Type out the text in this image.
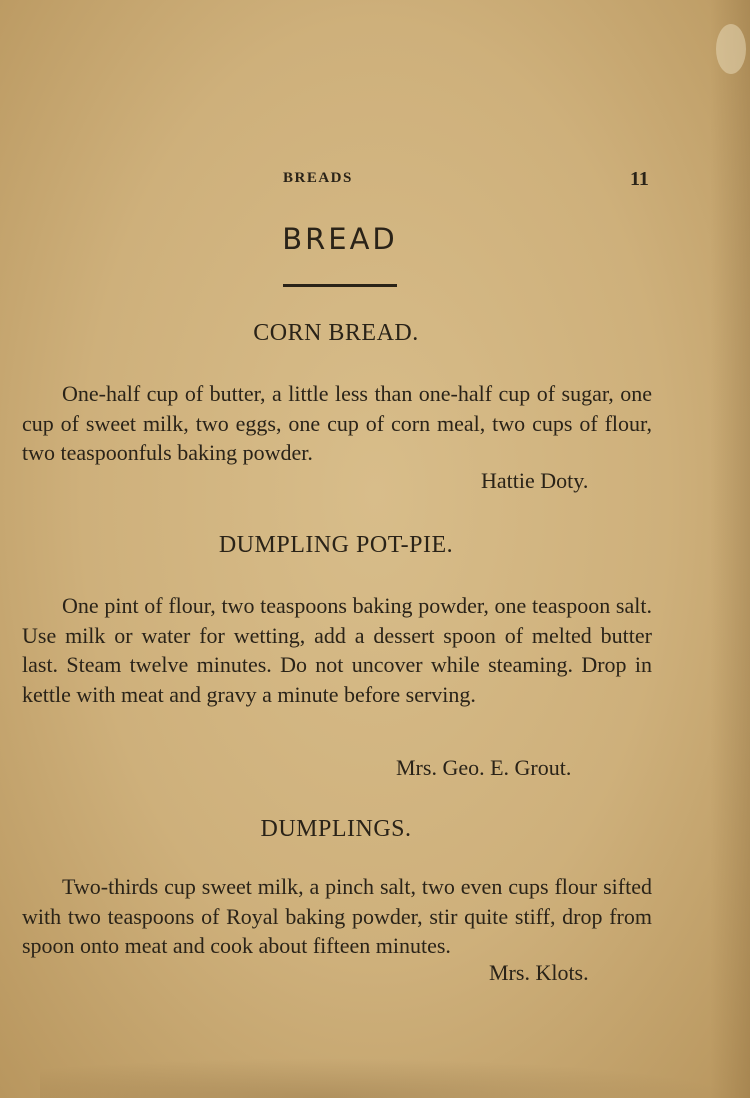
BREADS	11
BREAD
CORN BREAD.

One-half cup of butter, a little less than one-half cup of sugar, one cup of sweet milk, two eggs, one cup of corn meal, two cups of flour, two teaspoonfuls baking powder.

Hattie Doty.
DUMPLING POT-PIE.

One pint of flour, two teaspoons baking powder, one teaspoon salt. Use milk or water for wetting, add a dessert spoon of melted butter last. Steam twelve minutes. Do not uncover while steaming. Drop in kettle with meat and gravy a minute before serving.

Mrs. Geo. E. Grout.
DUMPLINGS.

Two-thirds cup sweet milk, a pinch salt, two even cups flour sifted with two teaspoons of Royal baking powder, stir quite stiff, drop from spoon onto meat and cook about fifteen minutes.

Mrs. Klots.
